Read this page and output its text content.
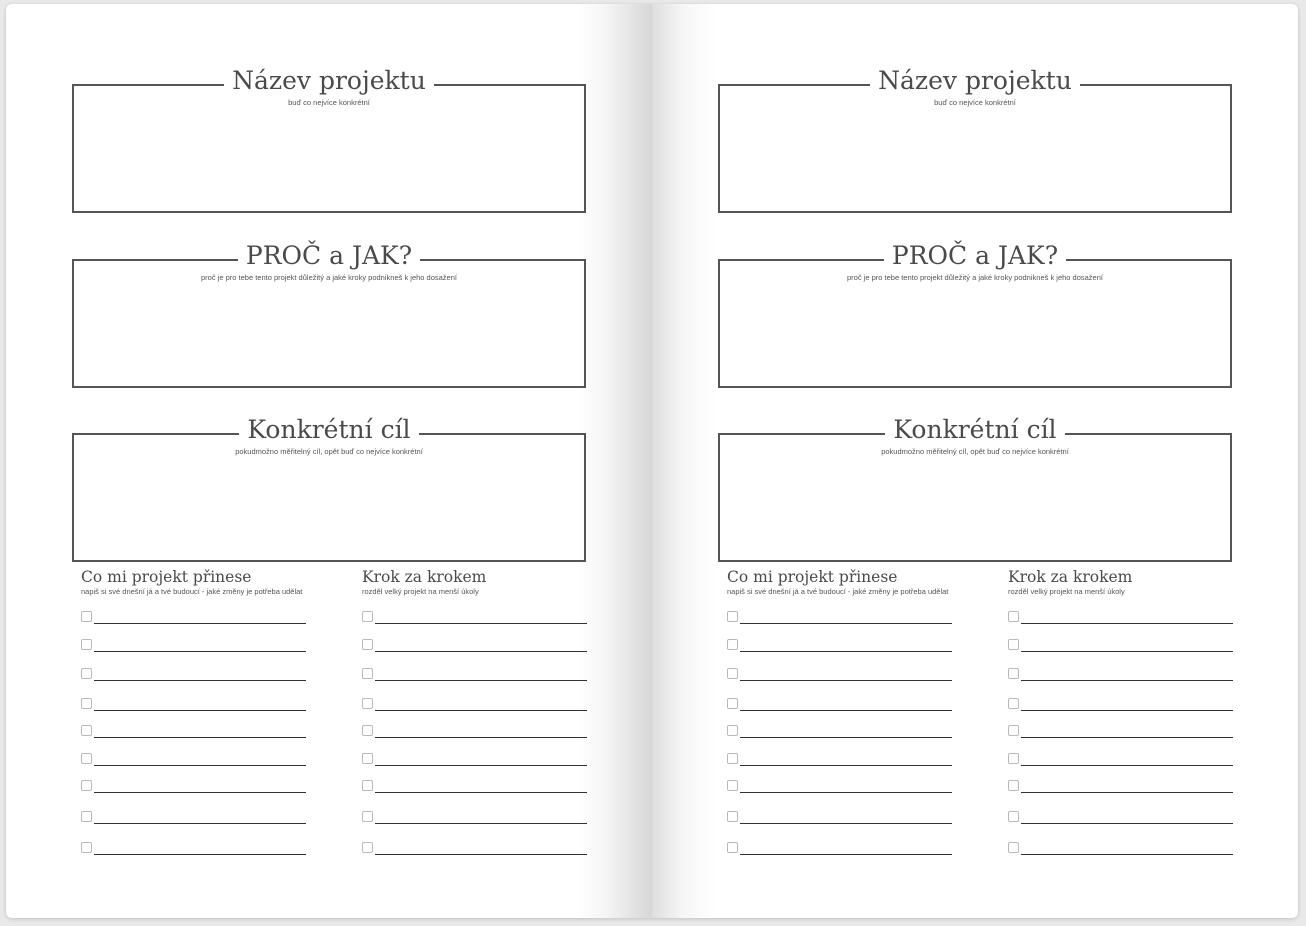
Název projektu
buď co nejvíce konkrétní
PROČ a JAK?
proč je pro tebe tento projekt důležitý a jaké kroky podnikneš k jeho dosažení
Konkrétní cíl
pokudmožno měřitelný cíl, opět buď co nejvíce konkrétní
Co mi projekt přinese
napiš si své dnešní já a tvé budoucí - jaké změny je potřeba udělat
Krok za krokem
rozděl velký projekt na menší úkoly
Název projektu
buď co nejvíce konkrétní
PROČ a JAK?
proč je pro tebe tento projekt důležitý a jaké kroky podnikneš k jeho dosažení
Konkrétní cíl
pokudmožno měřitelný cíl, opět buď co nejvíce konkrétní
Co mi projekt přinese
napiš si své dnešní já a tvé budoucí - jaké změny je potřeba udělat
Krok za krokem
rozděl velký projekt na menší úkoly
